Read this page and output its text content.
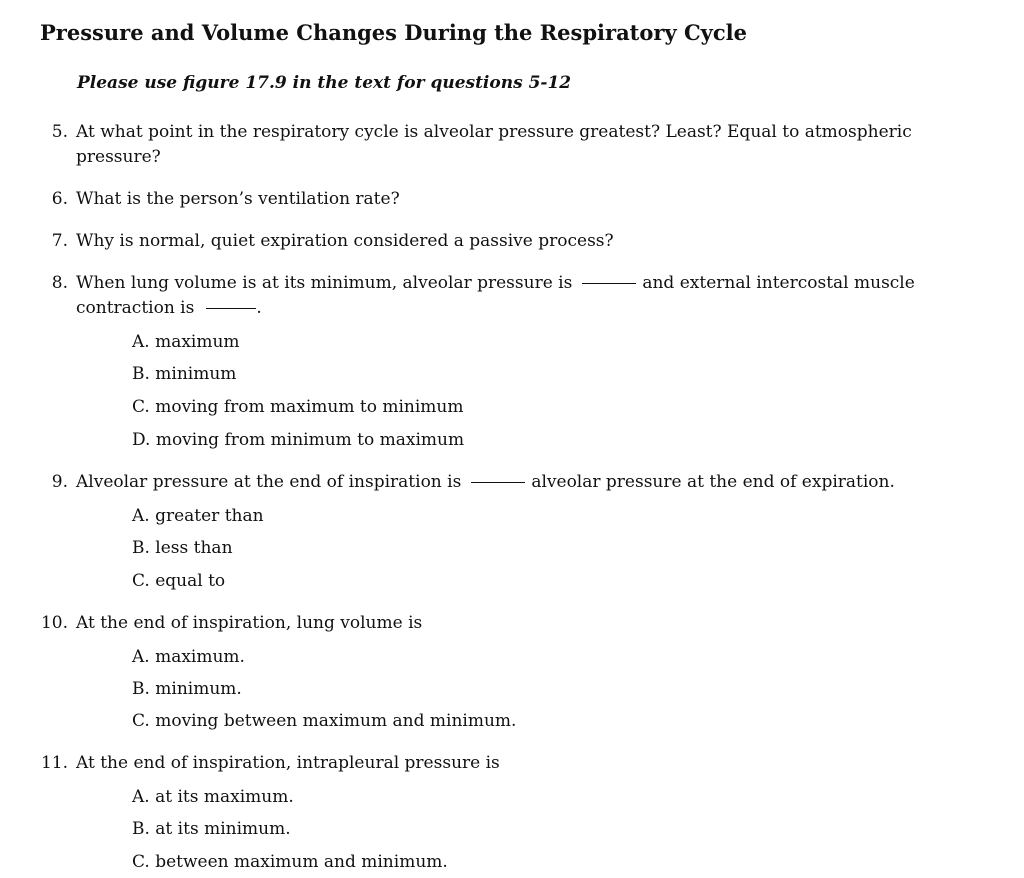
Pressure and Volume Changes During the Respiratory Cycle
Please use figure 17.9 in the text for questions 5-12
5. At what point in the respiratory cycle is alveolar pressure greatest? Least? Equal to atmospheric
pressure?
6. What is the person’s ventilation rate?
7. Why is normal, quiet expiration considered a passive process?
8. When lung volume is at its minimum, alveolar pressure is	and external intercostal muscle
contraction is	.
A. maximum
B. minimum
C. moving from maximum to minimum
D. moving from minimum to maximum
9. Alveolar pressure at the end of inspiration is	alveolar pressure at the end of expiration.
A. greater than
B. less than
C. equal to
10. At the end of inspiration, lung volume is
A. maximum.
B. minimum.
C. moving between maximum and minimum.
11. At the end of inspiration, intrapleural pressure is
A. at its maximum.
B. at its minimum.
C. between maximum and minimum.
